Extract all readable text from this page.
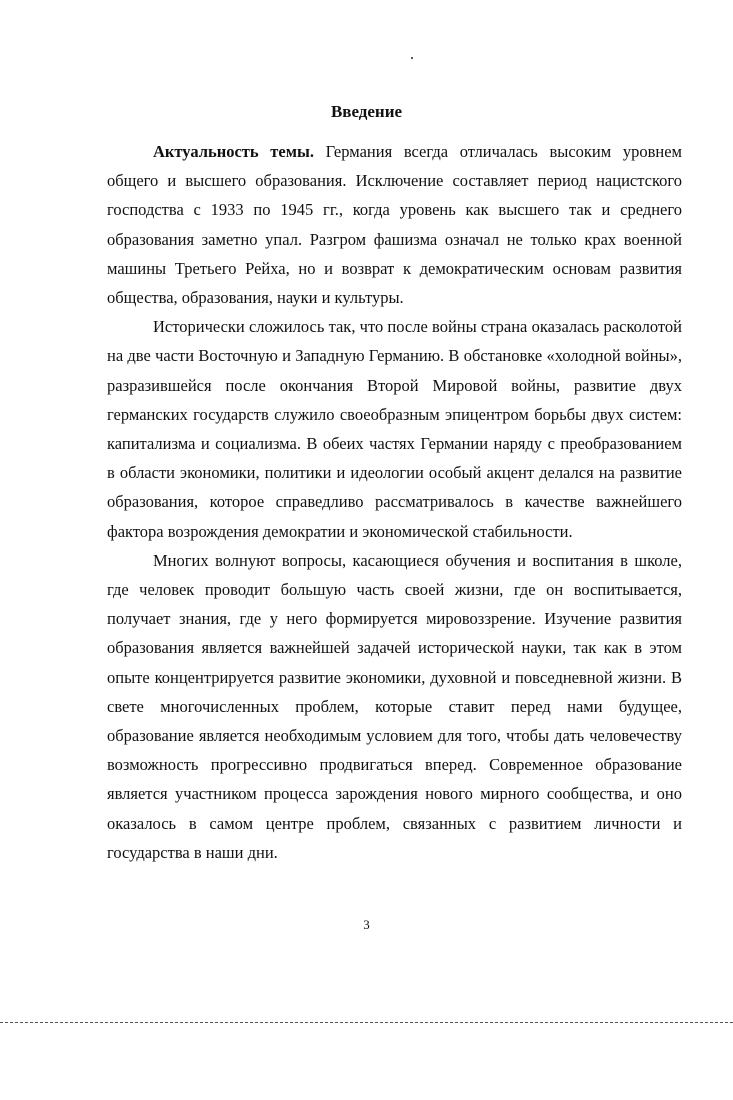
Введение

Актуальность темы. Германия всегда отличалась высоким уровнем общего и высшего образования. Исключение составляет период нацистского господства с 1933 по 1945 гг., когда уровень как высшего так и среднего образования заметно упал. Разгром фашизма означал не только крах военной машины Третьего Рейха, но и возврат к демократическим основам развития общества, образования, науки и культуры.

Исторически сложилось так, что после войны страна оказалась расколотой на две части Восточную и Западную Германию. В обстановке «холодной войны», разразившейся после окончания Второй Мировой войны, развитие двух германских государств служило своеобразным эпицентром борьбы двух систем: капитализма и социализма. В обеих частях Германии наряду с преобразованием в области экономики, политики и идеологии особый акцент делался на развитие образования, которое справедливо рассматривалось в качестве важнейшего фактора возрождения демократии и экономической стабильности.

Многих волнуют вопросы, касающиеся обучения и воспитания в школе, где человек проводит большую часть своей жизни, где он воспитывается, получает знания, где у него формируется мировоззрение. Изучение развития образования является важнейшей задачей исторической науки, так как в этом опыте концентрируется развитие экономики, духовной и повседневной жизни. В свете многочисленных проблем, которые ставит перед нами будущее, образование является необходимым условием для того, чтобы дать человечеству возможность прогрессивно продвигаться вперед. Современное образование является участником процесса зарождения нового мирного сообщества, и оно оказалось в самом центре проблем, связанных с развитием личности и государства в наши дни.

3
